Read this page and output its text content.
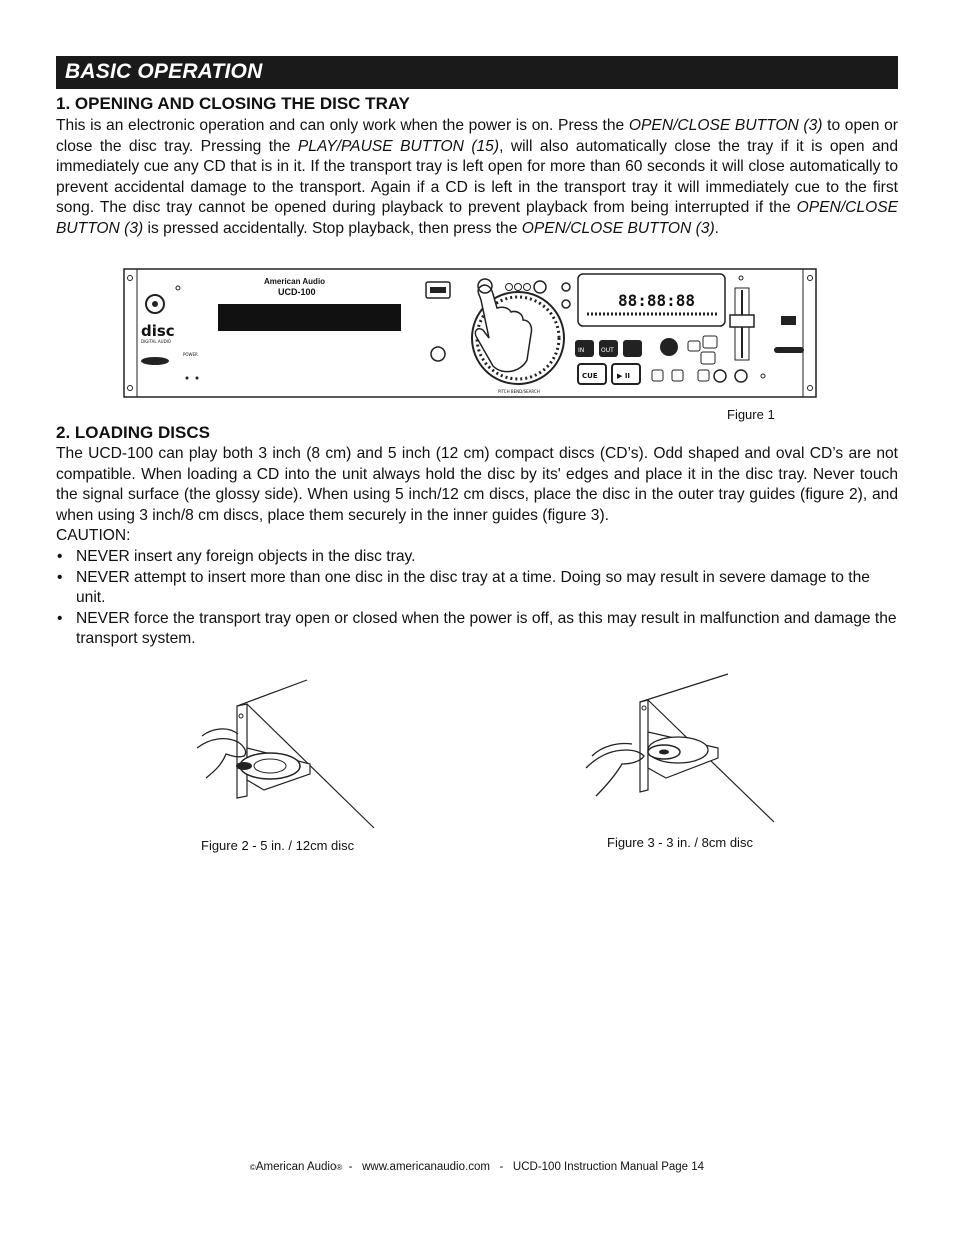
BASIC OPERATION
1. OPENING AND CLOSING THE DISC TRAY

This is an electronic operation and can only work when the power is on. Press the OPEN/CLOSE BUTTON (3) to open or close the disc tray. Pressing the PLAY/PAUSE BUTTON (15), will also automatically close the tray if it is open and immediately cue any CD that is in it. If the transport tray is left open for more than 60 seconds it will close automatically to prevent accidental damage to the transport. Again if a CD is left in the transport tray it will immediately cue to the first song. The disc tray cannot be opened during playback to prevent playback from being interrupted if the OPEN/CLOSE BUTTON (3) is pressed accidentally. Stop playback, then press the OPEN/CLOSE BUTTON (3).

disc
DIGITAL AUDIO
POWER
American Audio
UCD-100
PITCH BEND/SEARCH
88:88:88
IN	OUT
CUE	▶ II
Figure 1
2. LOADING DISCS

The UCD-100 can play both 3 inch (8 cm) and 5 inch (12 cm) compact discs (CD’s). Odd shaped and oval CD’s are not compatible. When loading a CD into the unit always hold the disc by its' edges and place it in the disc tray. Never touch the signal surface (the glossy side). When using 5 inch/12 cm discs, place the disc in the outer tray guides (figure 2), and when using 3 inch/8 cm discs, place them securely in the inner guides (figure 3).

CAUTION:

• NEVER insert any foreign objects in the disc tray.
• NEVER attempt to insert more than one disc in the disc tray at a time. Doing so may result in severe damage to the unit.
• NEVER force the transport tray open or closed when the power is off, as this may result in malfunction and damage the transport system.
Figure 2 - 5 in. / 12cm disc	Figure 3 - 3 in. / 8cm disc
©American Audio®  -   www.americanaudio.com   -   UCD-100 Instruction Manual Page 14
